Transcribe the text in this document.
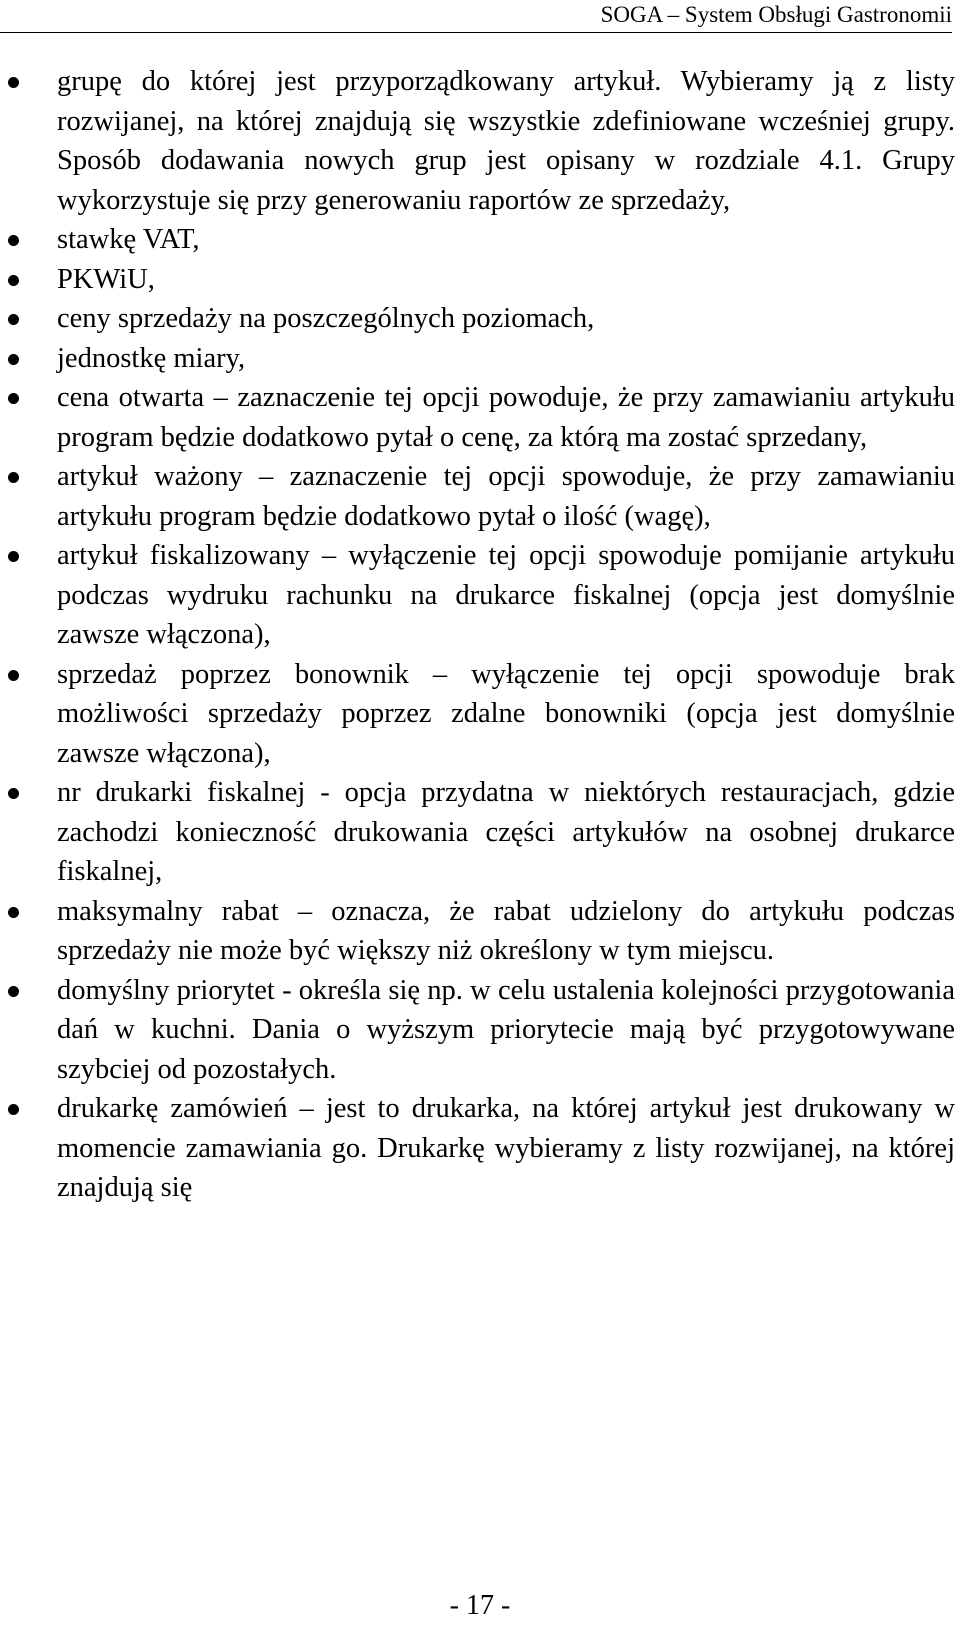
SOGA – System Obsługi Gastronomii
grupę do której jest przyporządkowany artykuł. Wybieramy ją z listy rozwijanej, na której znajdują się wszystkie zdefiniowane wcześniej grupy. Sposób dodawania nowych grup jest opisany w rozdziale 4.1. Grupy wykorzystuje się przy generowaniu raportów ze sprzedaży,
stawkę VAT,
PKWiU,
ceny sprzedaży na poszczególnych poziomach,
jednostkę miary,
cena otwarta – zaznaczenie tej opcji powoduje, że przy zamawianiu artykułu program będzie dodatkowo pytał o cenę, za którą ma zostać sprzedany,
artykuł ważony – zaznaczenie tej opcji spowoduje, że przy zamawianiu artykułu program będzie dodatkowo pytał o ilość (wagę),
artykuł fiskalizowany – wyłączenie tej opcji spowoduje pomijanie artykułu podczas wydruku rachunku na drukarce fiskalnej (opcja jest domyślnie zawsze włączona),
sprzedaż poprzez bonownik – wyłączenie tej opcji spowoduje brak możliwości sprzedaży poprzez zdalne bonowniki (opcja jest domyślnie zawsze włączona),
nr drukarki fiskalnej - opcja przydatna w niektórych restauracjach, gdzie zachodzi konieczność drukowania części artykułów na osobnej drukarce fiskalnej,
maksymalny rabat – oznacza, że rabat udzielony do artykułu podczas sprzedaży nie może być większy niż określony w tym miejscu.
domyślny priorytet - określa się np. w celu ustalenia kolejności przygotowania dań w kuchni. Dania o wyższym priorytecie mają być przygotowywane szybciej od pozostałych.
drukarkę zamówień – jest to drukarka, na której artykuł jest drukowany w momencie zamawiania go. Drukarkę wybieramy z listy rozwijanej, na której znajdują się
- 17 -
